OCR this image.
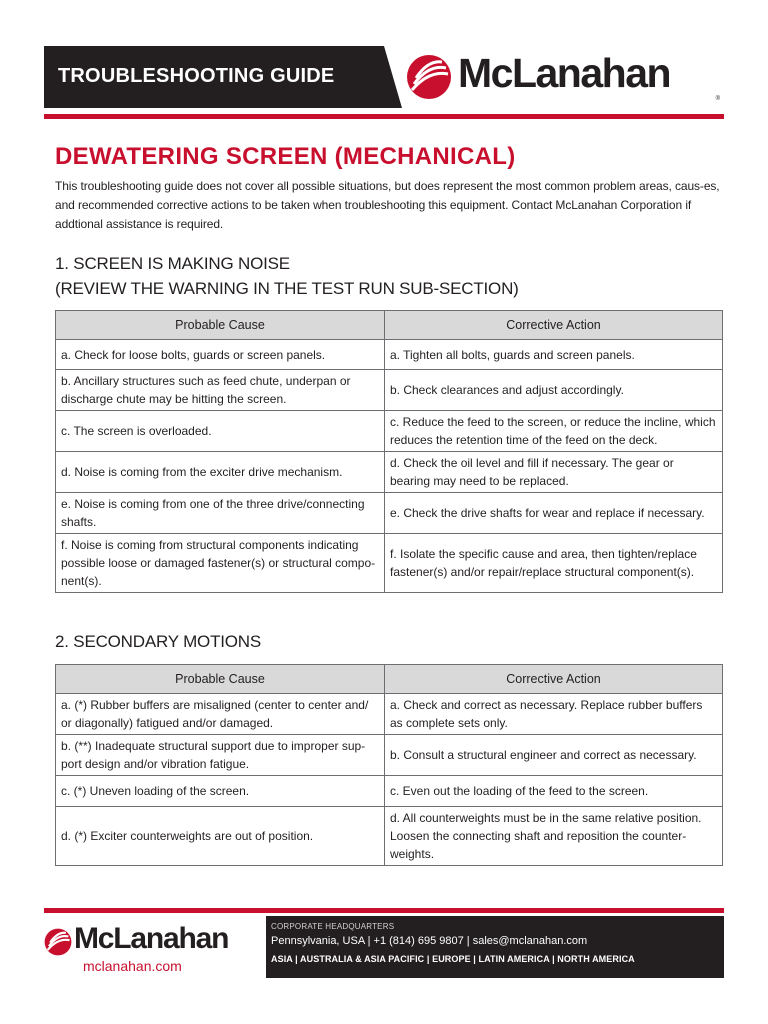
TROUBLESHOOTING GUIDE	McLanahan
®
DEWATERING SCREEN (MECHANICAL)

This troubleshooting guide does not cover all possible situations, but does represent the most common problem areas, caus-es, and recommended corrective actions to be taken when troubleshooting this equipment. Contact McLanahan Corporation if addtional assistance is required.

1. SCREEN IS MAKING NOISE
(REVIEW THE WARNING IN THE TEST RUN SUB-SECTION)
Probable Cause	Corrective Action
a. Check for loose bolts, guards or screen panels.	a. Tighten all bolts, guards and screen panels.
b. Ancillary structures such as feed chute, underpan or discharge chute may be hitting the screen.	b. Check clearances and adjust accordingly.
c. The screen is overloaded.	c. Reduce the feed to the screen, or reduce the incline, which reduces the retention time of the feed on the deck.
d. Noise is coming from the exciter drive mechanism.	d. Check the oil level and fill if necessary. The gear or bearing may need to be replaced.
e. Noise is coming from one of the three drive/connecting shafts.	e. Check the drive shafts for wear and replace if necessary.
f. Noise is coming from structural components indicating possible loose or damaged fastener(s) or structural compo-nent(s).	f. Isolate the specific cause and area, then tighten/replace fastener(s) and/or repair/replace structural component(s).
2. SECONDARY MOTIONS
Probable Cause	Corrective Action
a. (*) Rubber buffers are misaligned (center to center and/ or diagonally) fatigued and/or damaged.	a. Check and correct as necessary. Replace rubber buffers as complete sets only.
b. (**) Inadequate structural support due to improper sup-port design and/or vibration fatigue.	b. Consult a structural engineer and correct as necessary.
c. (*) Uneven loading of the screen.	c. Even out the loading of the feed to the screen.
d. (*) Exciter counterweights are out of position.	d. All counterweights must be in the same relative position. Loosen the connecting shaft and reposition the counter-weights.
McLanahan
mclanahan.com
CORPORATE HEADQUARTERS
Pennsylvania, USA | +1 (814) 695 9807 | sales@mclanahan.com
ASIA | AUSTRALIA & ASIA PACIFIC | EUROPE | LATIN AMERICA | NORTH AMERICA
